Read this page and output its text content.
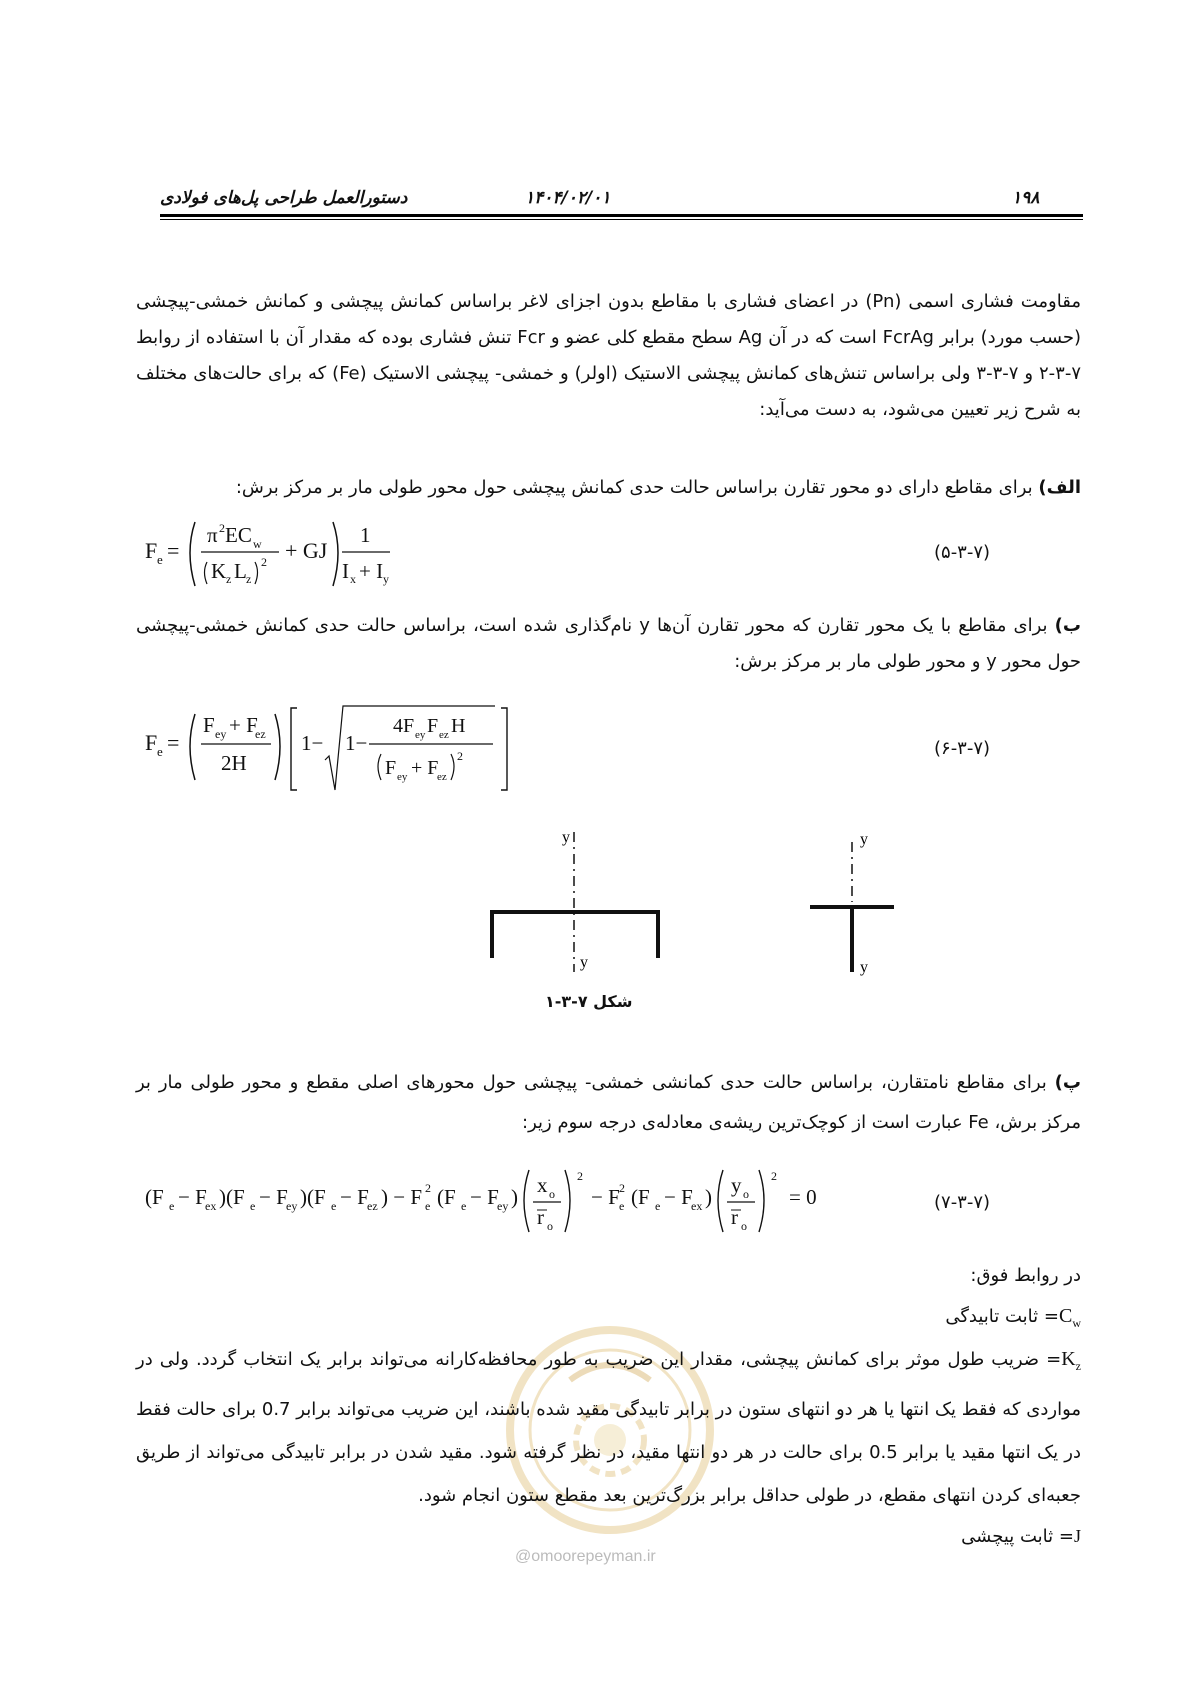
۱۹۸
۱۴۰۴/۰۲/۰۱
دستورالعمل طراحی پل‌های فولادی

مقاومت فشاری اسمی (Pn) در اعضای فشاری با مقاطع بدون اجزای لاغر براساس کمانش پیچشی و کمانش خمشی-پیچشی (حسب مورد) برابر FcrAg است که در آن Ag سطح مقطع کلی عضو و Fcr تنش فشاری بوده که مقدار آن با استفاده از روابط ۷-۳-۲ و ۷-۳-۳ ولی براساس تنش‌های کمانش پیچشی الاستیک (اولر) و خمشی- پیچشی الاستیک (Fe) که برای حالت‌های مختلف به شرح زیر تعیین می‌شود، به دست می‌آید:

الف) برای مقاطع دارای دو محور تقارن براساس حالت حدی کمانش پیچشی حول محور طولی مار بر مرکز برش:

F e =
π 2 EC w
K z L z
2 + GJ
1
I x + I y
(۵-۳-۷)

ب) برای مقاطع با یک محور تقارن که محور تقارن آن‌ها y نام‌گذاری شده است، براساس حالت حدی کمانش خمشی-پیچشی حول محور y و محور طولی مار بر مرکز برش:

F e =
F ey + F
ez
2H
1− 1−
4F ey F ez H
F ey + F
ez
2	(۶-۳-۷)
y
y
y
y
شکل ۷-۳-۱

پ) برای مقاطع نامتقارن، براساس حالت حدی کمانشی خمشی- پیچشی حول محورهای اصلی مقطع و محور طولی مار بر مرکز برش، Fe عبارت است از کوچک‌ترین ریشه‌ی معادله‌ی درجه سوم زیر:

(F e − F
ex )(F e − F
ey )(F e − F
ez ) − F e
2 (F e − F
ey ) x o
r o
2
− F e
2 (F e − F
ex ) y o
r o
2
= 0	(۷-۳-۷)
@omoorepeyman.ir

در روابط فوق:

$C_w=$ ثابت تابیدگی

$K_z=$ ضریب طول موثر برای کمانش پیچشی، مقدار این ضریب به طور محافظه‌کارانه می‌تواند برابر یک انتخاب گردد. ولی در مواردی که فقط یک انتها یا هر دو انتهای ستون در برابر تابیدگی مقید شده باشند، این ضریب می‌تواند برابر 0.7 برای حالت فقط در یک انتها مقید یا برابر 0.5 برای حالت در هر دو انتها مقید، در نظر گرفته شود. مقید شدن در برابر تابیدگی می‌تواند از طریق جعبه‌ای کردن انتهای مقطع، در طولی حداقل برابر بزرگ‌ترین بعد مقطع ستون انجام شود.

J= ثابت پیچشی
